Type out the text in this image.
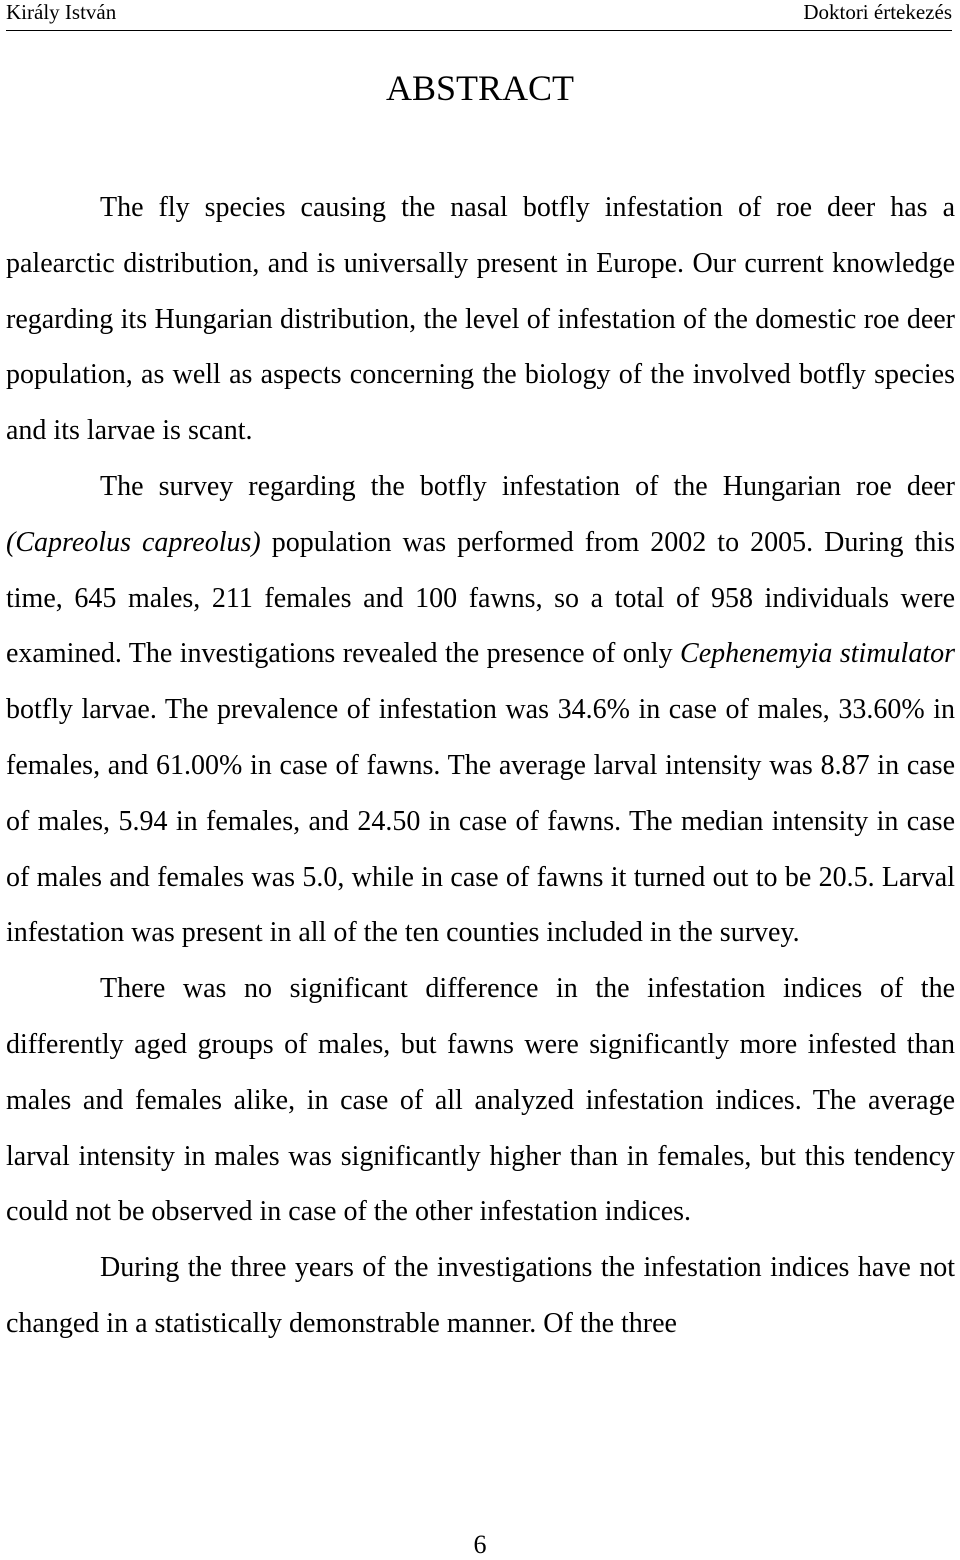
Király István	Doktori értekezés
ABSTRACT

The fly species causing the nasal botfly infestation of roe deer has a palearctic distribution, and is universally present in Europe. Our current knowledge regarding its Hungarian distribution, the level of infestation of the domestic roe deer population, as well as aspects concerning the biology of the involved botfly species and its larvae is scant.

The survey regarding the botfly infestation of the Hungarian roe deer (Capreolus capreolus) population was performed from 2002 to 2005. During this time, 645 males, 211 females and 100 fawns, so a total of 958 individuals were examined. The investigations revealed the presence of only Cephenemyia stimulator botfly larvae. The prevalence of infestation was 34.6% in case of males, 33.60% in females, and 61.00% in case of fawns. The average larval intensity was 8.87 in case of males, 5.94 in females, and 24.50 in case of fawns. The median intensity in case of males and females was 5.0, while in case of fawns it turned out to be 20.5. Larval infestation was present in all of the ten counties included in the survey.

There was no significant difference in the infestation indices of the differently aged groups of males, but fawns were significantly more infested than males and females alike, in case of all analyzed infestation indices. The average larval intensity in males was significantly higher than in females, but this tendency could not be observed in case of the other infestation indices.

During the three years of the investigations the infestation indices have not changed in a statistically demonstrable manner. Of the three

6
